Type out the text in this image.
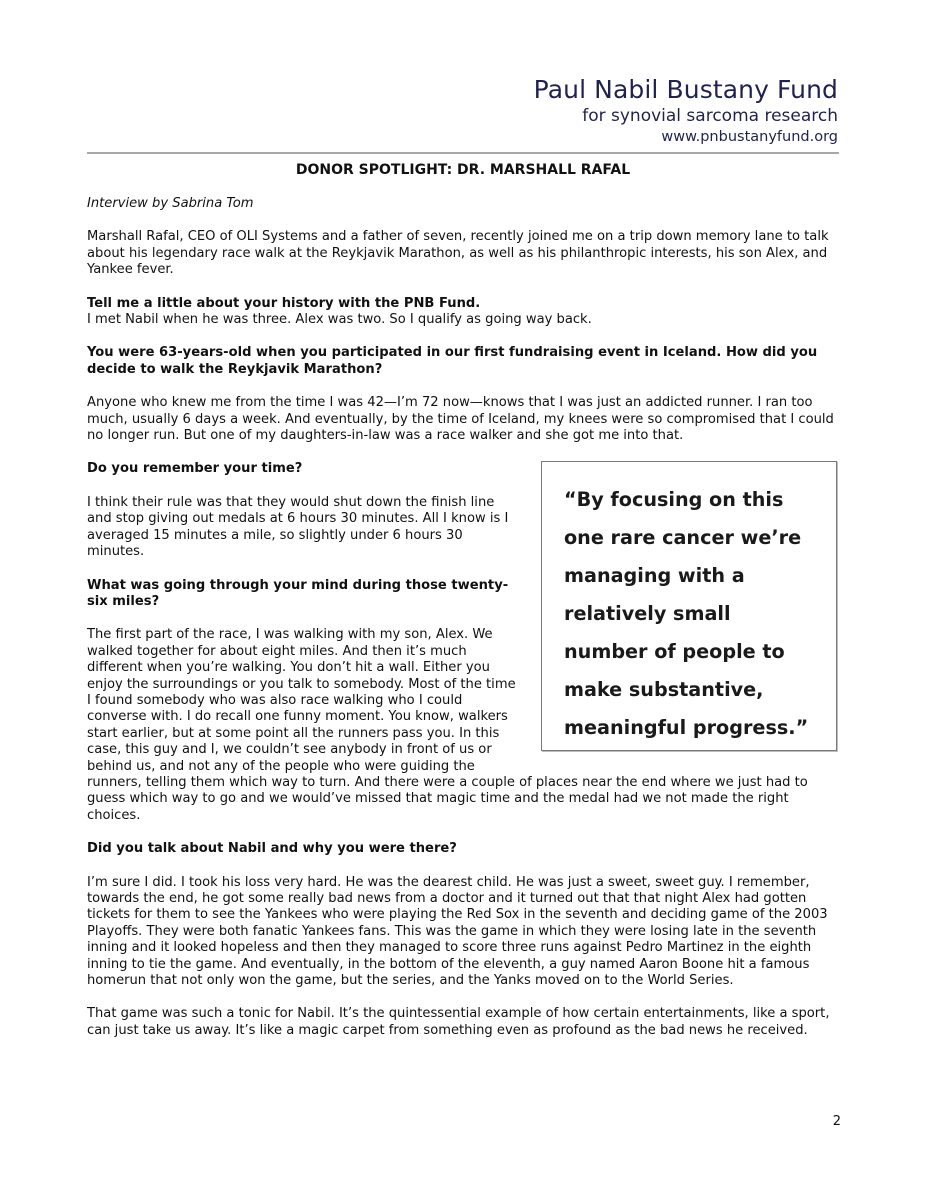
Paul Nabil Bustany Fund
for synovial sarcoma research
www.pnbustanyfund.org
DONOR SPOTLIGHT: DR. MARSHALL RAFAL

Interview by Sabrina Tom

Marshall Rafal, CEO of OLI Systems and a father of seven, recently joined me on a trip down memory lane to talk about his legendary race walk at the Reykjavik Marathon, as well as his philanthropic interests, his son Alex, and Yankee fever.

Tell me a little about your history with the PNB Fund.

I met Nabil when he was three. Alex was two. So I qualify as going way back.

You were 63-years-old when you participated in our first fundraising event in Iceland. How did you decide to walk the Reykjavik Marathon?

Anyone who knew me from the time I was 42—I’m 72 now—knows that I was just an addicted runner. I ran too much, usually 6 days a week. And eventually, by the time of Iceland, my knees were so compromised that I could no longer run. But one of my daughters-in-law was a race walker and she got me into that.

“By focusing on this one rare cancer we’re managing with a relatively small number of people to make substantive, meaningful progress.”

Do you remember your time?

I think their rule was that they would shut down the finish line and stop giving out medals at 6 hours 30 minutes. All I know is I averaged 15 minutes a mile, so slightly under 6 hours 30 minutes.

What was going through your mind during those twenty-six miles?

The first part of the race, I was walking with my son, Alex. We walked together for about eight miles. And then it’s much different when you’re walking. You don’t hit a wall. Either you enjoy the surroundings or you talk to somebody. Most of the time I found somebody who was also race walking who I could converse with. I do recall one funny moment. You know, walkers start earlier, but at some point all the runners pass you. In this case, this guy and I, we couldn’t see anybody in front of us or behind us, and not any of the people who were guiding the runners, telling them which way to turn. And there were a couple of places near the end where we just had to guess which way to go and we would’ve missed that magic time and the medal had we not made the right choices.

Did you talk about Nabil and why you were there?

I’m sure I did. I took his loss very hard. He was the dearest child. He was just a sweet, sweet guy. I remember, towards the end, he got some really bad news from a doctor and it turned out that that night Alex had gotten tickets for them to see the Yankees who were playing the Red Sox in the seventh and deciding game of the 2003 Playoffs. They were both fanatic Yankees fans. This was the game in which they were losing late in the seventh inning and it looked hopeless and then they managed to score three runs against Pedro Martinez in the eighth inning to tie the game. And eventually, in the bottom of the eleventh, a guy named Aaron Boone hit a famous homerun that not only won the game, but the series, and the Yanks moved on to the World Series.

That game was such a tonic for Nabil. It’s the quintessential example of how certain entertainments, like a sport, can just take us away. It’s like a magic carpet from something even as profound as the bad news he received.

2
